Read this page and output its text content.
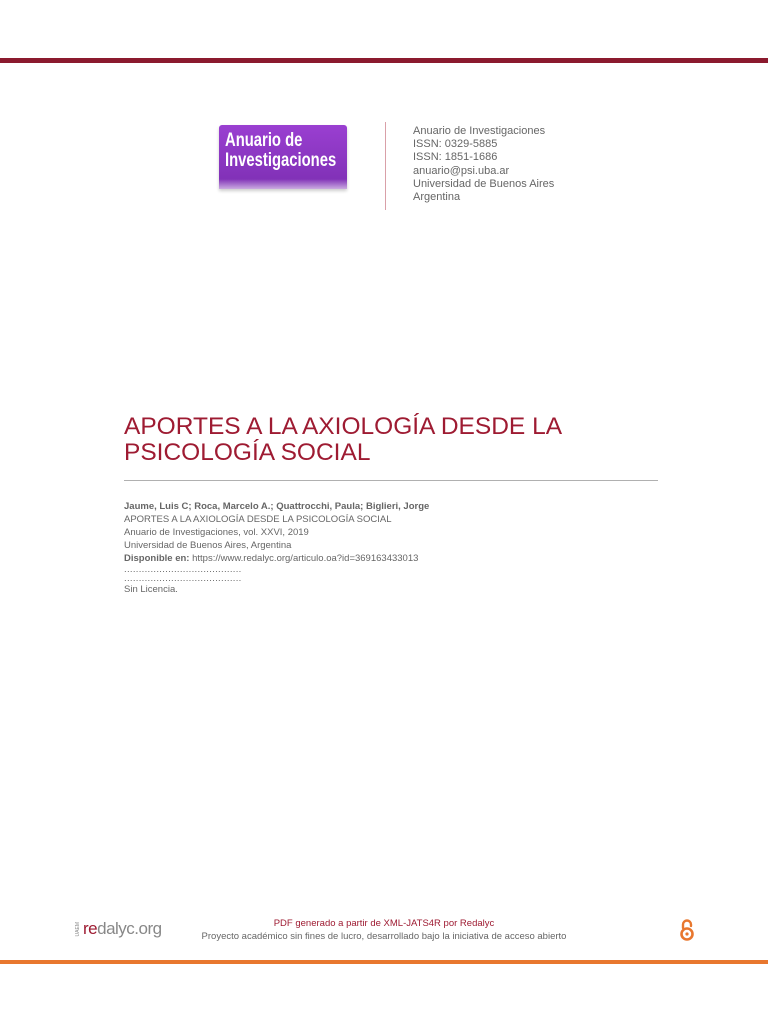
Anuario de
Investigaciones
Anuario de Investigaciones
ISSN: 0329-5885
ISSN: 1851-1686
anuario@psi.uba.ar
Universidad de Buenos Aires
Argentina
APORTES A LA AXIOLOGÍA DESDE LA
PSICOLOGÍA SOCIAL
Jaume, Luis C; Roca, Marcelo A.; Quattrocchi, Paula; Biglieri, Jorge
APORTES A LA AXIOLOGÍA DESDE LA PSICOLOGÍA SOCIAL
Anuario de Investigaciones, vol. XXVI, 2019
Universidad de Buenos Aires, Argentina
Disponible en: https://www.redalyc.org/articulo.oa?id=369163433013
........................................
........................................
Sin Licencia.
UAEM redalyc.org	PDF generado a partir de XML-JATS4R por Redalyc
Proyecto académico sin fines de lucro, desarrollado bajo la iniciativa de acceso abierto
